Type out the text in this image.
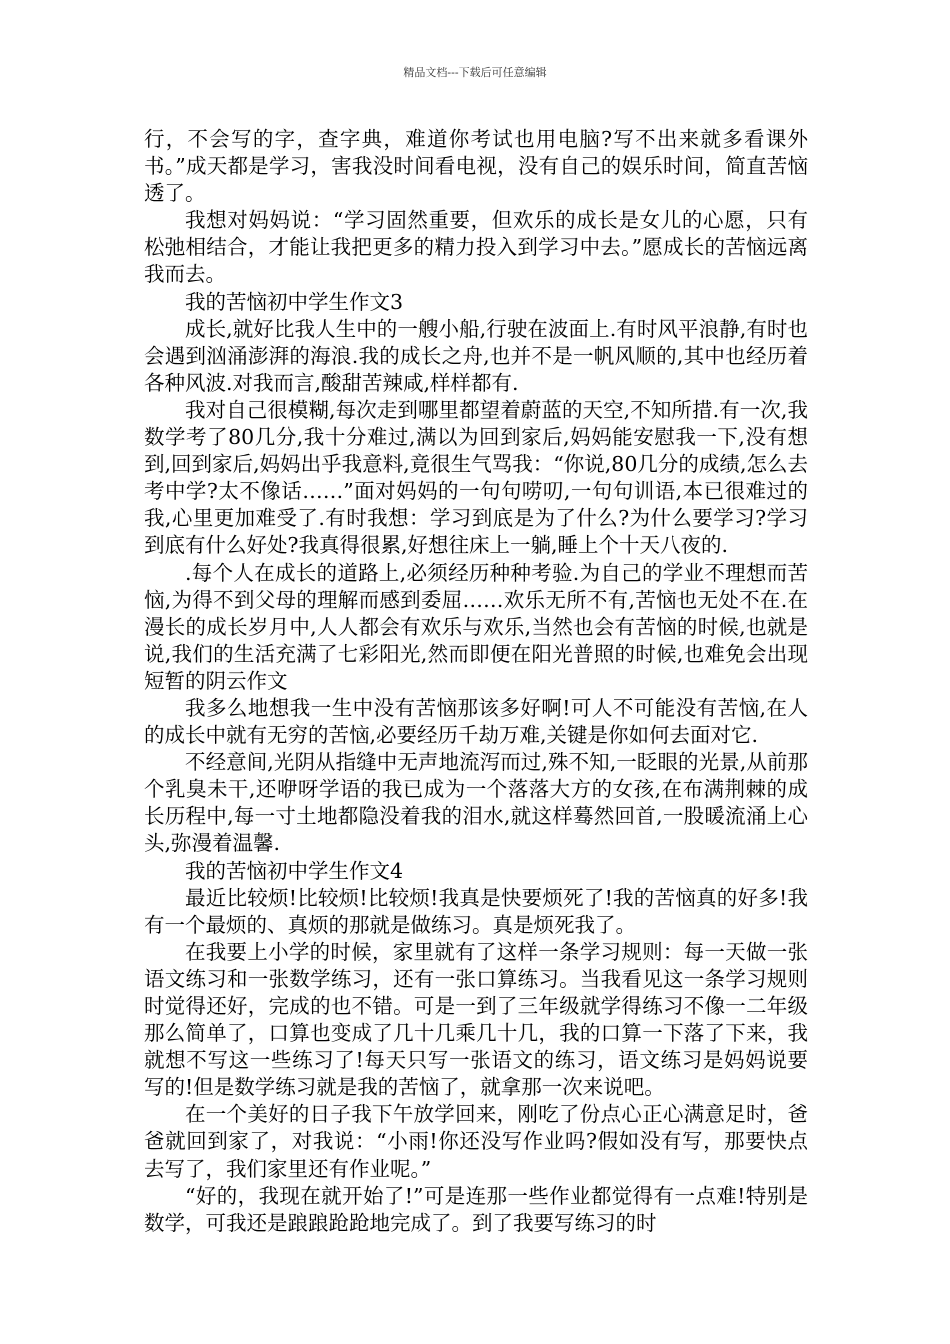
精品文档---下载后可任意编辑

行，不会写的字，查字典，难道你考试也用电脑?写不出来就多看课外书。”成天都是学习，害我没时间看电视，没有自己的娱乐时间，简直苦恼透了。

我想对妈妈说：“学习固然重要，但欢乐的成长是女儿的心愿，只有松弛相结合，才能让我把更多的精力投入到学习中去。”愿成长的苦恼远离我而去。

我的苦恼初中学生作文3

成长,就好比我人生中的一艘小船,行驶在波面上.有时风平浪静,有时也会遇到汹涌澎湃的海浪.我的成长之舟,也并不是一帆风顺的,其中也经历着各种风波.对我而言,酸甜苦辣咸,样样都有.

我对自己很模糊,每次走到哪里都望着蔚蓝的天空,不知所措.有一次,我数学考了80几分,我十分难过,满以为回到家后,妈妈能安慰我一下,没有想到,回到家后,妈妈出乎我意料,竟很生气骂我：“你说,80几分的成绩,怎么去考中学?太不像话……”面对妈妈的一句句唠叨,一句句训语,本已很难过的我,心里更加难受了.有时我想：学习到底是为了什么?为什么要学习?学习到底有什么好处?我真得很累,好想往床上一躺,睡上个十天八夜的.

.每个人在成长的道路上,必须经历种种考验.为自己的学业不理想而苦恼,为得不到父母的理解而感到委屈……欢乐无所不有,苦恼也无处不在.在漫长的成长岁月中,人人都会有欢乐与欢乐,当然也会有苦恼的时候,也就是说,我们的生活充满了七彩阳光,然而即便在阳光普照的时候,也难免会出现短暂的阴云作文

我多么地想我一生中没有苦恼那该多好啊!可人不可能没有苦恼,在人的成长中就有无穷的苦恼,必要经历千劫万难,关键是你如何去面对它.

不经意间,光阴从指缝中无声地流泻而过,殊不知,一眨眼的光景,从前那个乳臭未干,还咿呀学语的我已成为一个落落大方的女孩,在布满荆棘的成长历程中,每一寸土地都隐没着我的泪水,就这样蓦然回首,一股暖流涌上心头,弥漫着温馨.

我的苦恼初中学生作文4

最近比较烦!比较烦!比较烦!我真是快要烦死了!我的苦恼真的好多!我有一个最烦的、真烦的那就是做练习。真是烦死我了。

在我要上小学的时候，家里就有了这样一条学习规则：每一天做一张语文练习和一张数学练习，还有一张口算练习。当我看见这一条学习规则时觉得还好，完成的也不错。可是一到了三年级就学得练习不像一二年级那么简单了，口算也变成了几十几乘几十几，我的口算一下落了下来，我就想不写这一些练习了!每天只写一张语文的练习，语文练习是妈妈说要写的!但是数学练习就是我的苦恼了，就拿那一次来说吧。

在一个美好的日子我下午放学回来，刚吃了份点心正心满意足时，爸爸就回到家了，对我说：“小雨!你还没写作业吗?假如没有写，那要快点去写了，我们家里还有作业呢。”

“好的，我现在就开始了!”可是连那一些作业都觉得有一点难!特别是数学，可我还是踉踉跄跄地完成了。到了我要写练习的时
